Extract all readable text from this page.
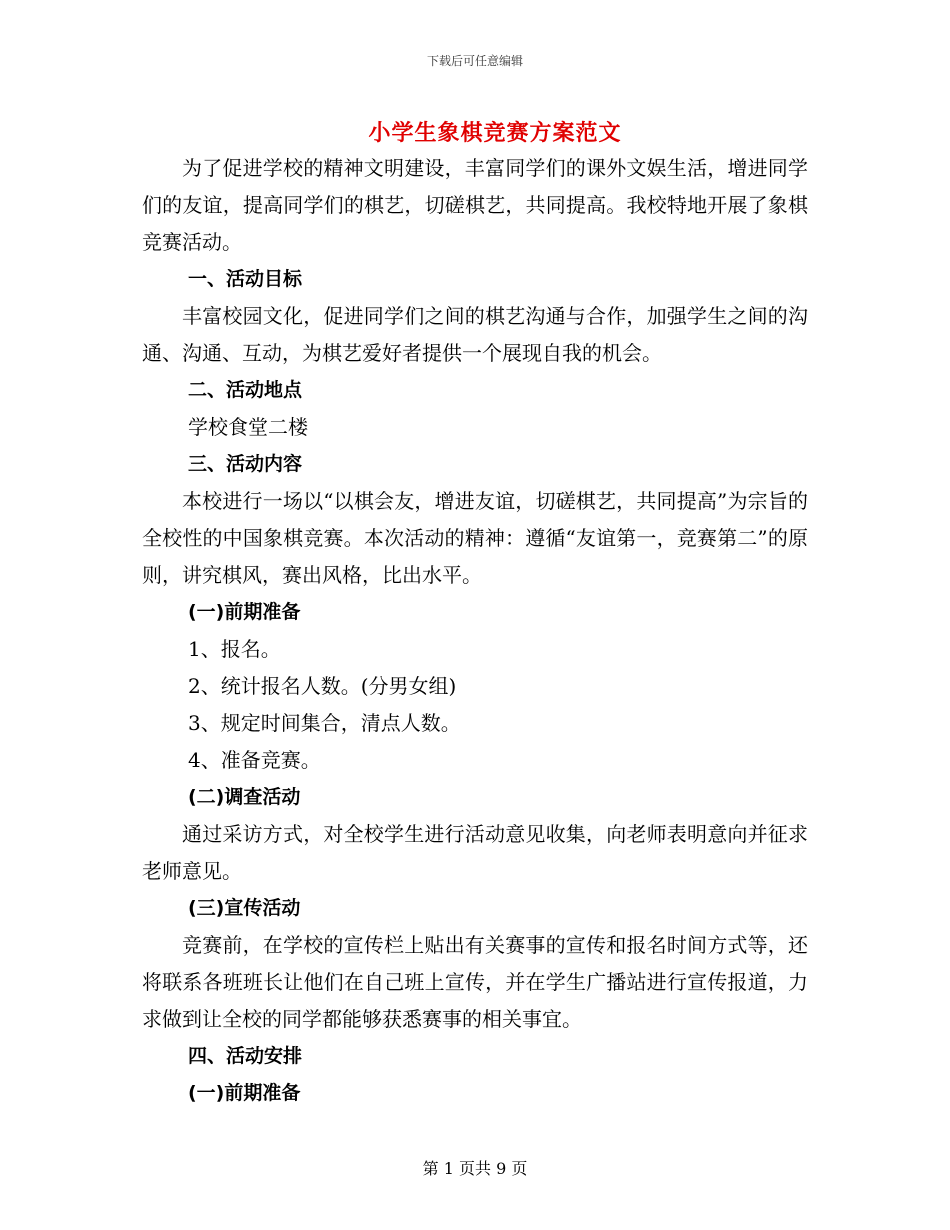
下载后可任意编辑
小学生象棋竞赛方案范文

为了促进学校的精神文明建设，丰富同学们的课外文娱生活，增进同学们的友谊，提高同学们的棋艺，切磋棋艺，共同提高。我校特地开展了象棋竞赛活动。

一、活动目标

丰富校园文化，促进同学们之间的棋艺沟通与合作，加强学生之间的沟通、沟通、互动，为棋艺爱好者提供一个展现自我的机会。

二、活动地点

学校食堂二楼

三、活动内容

本校进行一场以“以棋会友，增进友谊，切磋棋艺，共同提高”为宗旨的全校性的中国象棋竞赛。本次活动的精神：遵循“友谊第一，竞赛第二”的原则，讲究棋风，赛出风格，比出水平。

(一)前期准备

1、报名。

2、统计报名人数。(分男女组)

3、规定时间集合，清点人数。

4、准备竞赛。

(二)调查活动

通过采访方式，对全校学生进行活动意见收集，向老师表明意向并征求老师意见。

(三)宣传活动

竞赛前，在学校的宣传栏上贴出有关赛事的宣传和报名时间方式等，还将联系各班班长让他们在自己班上宣传，并在学生广播站进行宣传报道，力求做到让全校的同学都能够获悉赛事的相关事宜。

四、活动安排

(一)前期准备

第 1 页共 9 页
